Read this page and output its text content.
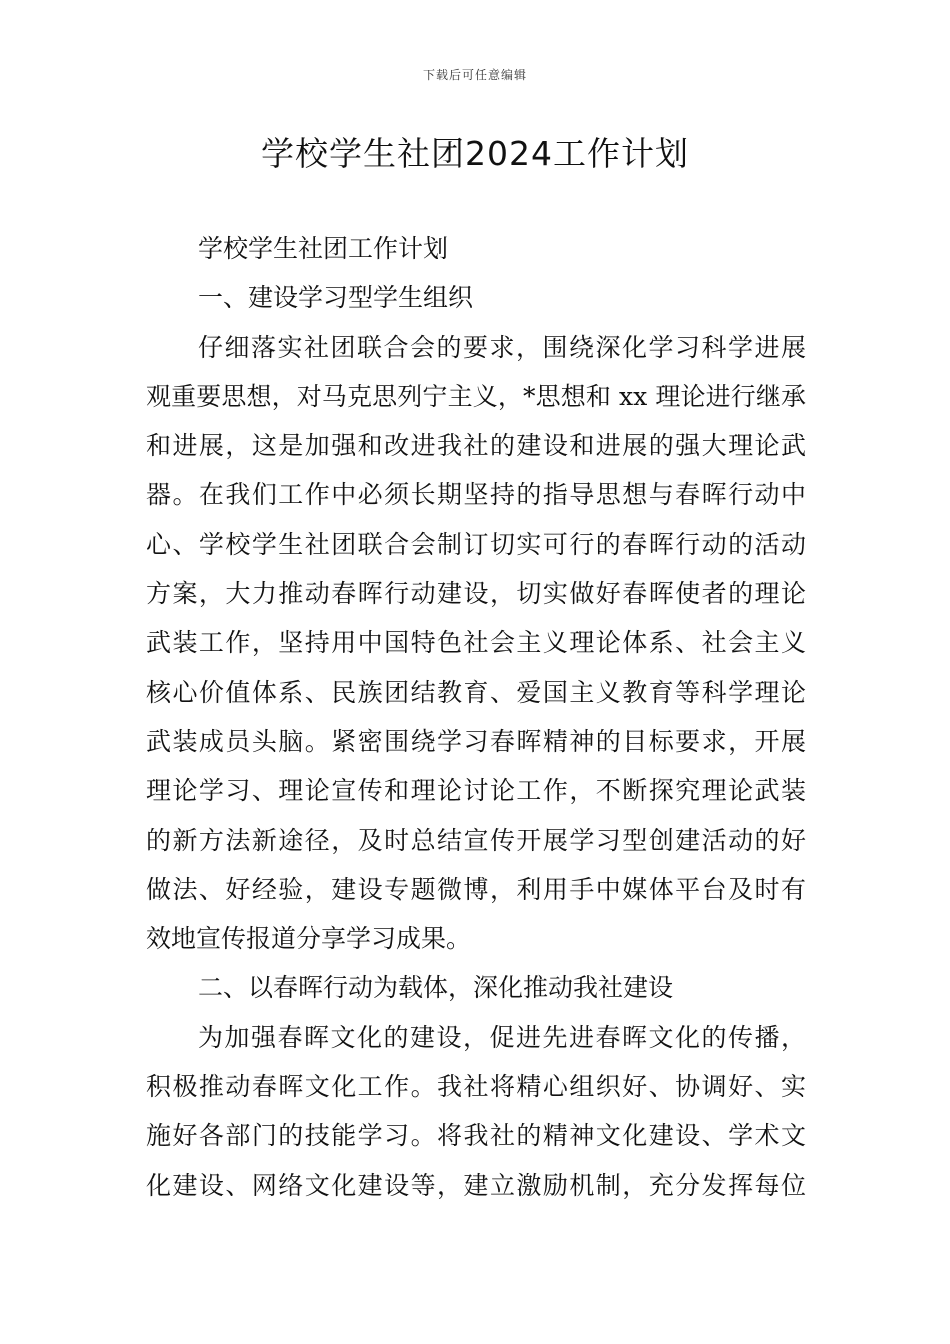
下载后可任意编辑
学校学生社团2024工作计划
学校学生社团工作计划
一、建设学习型学生组织
仔细落实社团联合会的要求，围绕深化学习科学进展
观重要思想，对马克思列宁主义，*思想和 xx 理论进行继承
和进展，这是加强和改进我社的建设和进展的强大理论武
器。在我们工作中必须长期坚持的指导思想与春晖行动中
心、学校学生社团联合会制订切实可行的春晖行动的活动
方案，大力推动春晖行动建设，切实做好春晖使者的理论
武装工作，坚持用中国特色社会主义理论体系、社会主义
核心价值体系、民族团结教育、爱国主义教育等科学理论
武装成员头脑。紧密围绕学习春晖精神的目标要求，开展
理论学习、理论宣传和理论讨论工作，不断探究理论武装
的新方法新途径，及时总结宣传开展学习型创建活动的好
做法、好经验，建设专题微博，利用手中媒体平台及时有
效地宣传报道分享学习成果。
二、以春晖行动为载体，深化推动我社建设
为加强春晖文化的建设，促进先进春晖文化的传播，
积极推动春晖文化工作。我社将精心组织好、协调好、实
施好各部门的技能学习。将我社的精神文化建设、学术文
化建设、网络文化建设等，建立激励机制，充分发挥每位
